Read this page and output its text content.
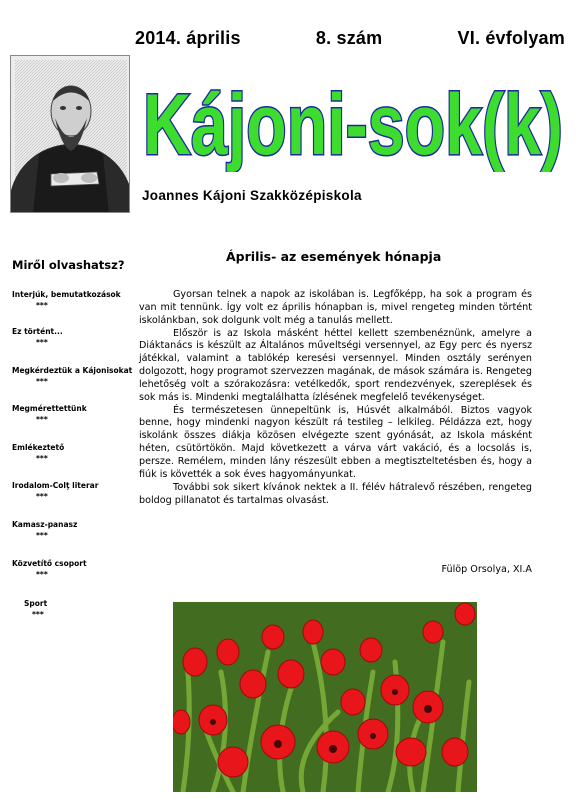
2014. április	8. szám	VI. évfolyam
Kájoni-sok(k)
Joannes Kájoni Szakközépiskola
Miről olvashatsz?
Interjúk, bemutatkozások
***
Ez történt...
***
Megkérdeztük a Kájonisokat
***
Megmérettettünk
***
Emlékeztető
***
Irodalom-Colţ literar
***
Kamasz-panasz
***
Közvetítő csoport
***
Sport
***
Április- az események hónapja

Gyorsan telnek a napok az iskolában is. Legfőképp, ha sok a program és van mit tennünk. Így volt ez április hónapban is, mivel rengeteg minden történt iskolánkban, sok dolgunk volt még a tanulás mellett.

Először is az Iskola másként héttel kellett szembenéznünk, amelyre a Diáktanács is készült az Általános műveltségi versennyel, az Egy perc és nyersz játékkal, valamint a tablókép keresési versennyel. Minden osztály serényen dolgozott, hogy programot szervezzen magának, de mások számára is. Rengeteg lehetőség volt a szórakozásra: vetélkedők, sport rendezvények, szereplések és sok más is. Mindenki megtalálhatta ízlésének megfelelő tevékenységet.

És természetesen ünnepeltünk is, Húsvét alkalmából. Biztos vagyok benne, hogy mindenki nagyon készült rá testileg – lelkileg. Példázza ezt, hogy iskolánk összes diákja közösen elvégezte szent gyónását, az Iskola másként héten, csütörtökön. Majd következett a várva várt vakáció, és a locsolás is, persze. Remélem, minden lány részesült ebben a megtiszteltetésben és, hogy a fiúk is követték a sok éves hagyományunkat.

További sok sikert kívánok nektek a II. félév hátralevő részében, rengeteg boldog pillanatot és tartalmas olvasást.

Fülöp Orsolya, XI.A
